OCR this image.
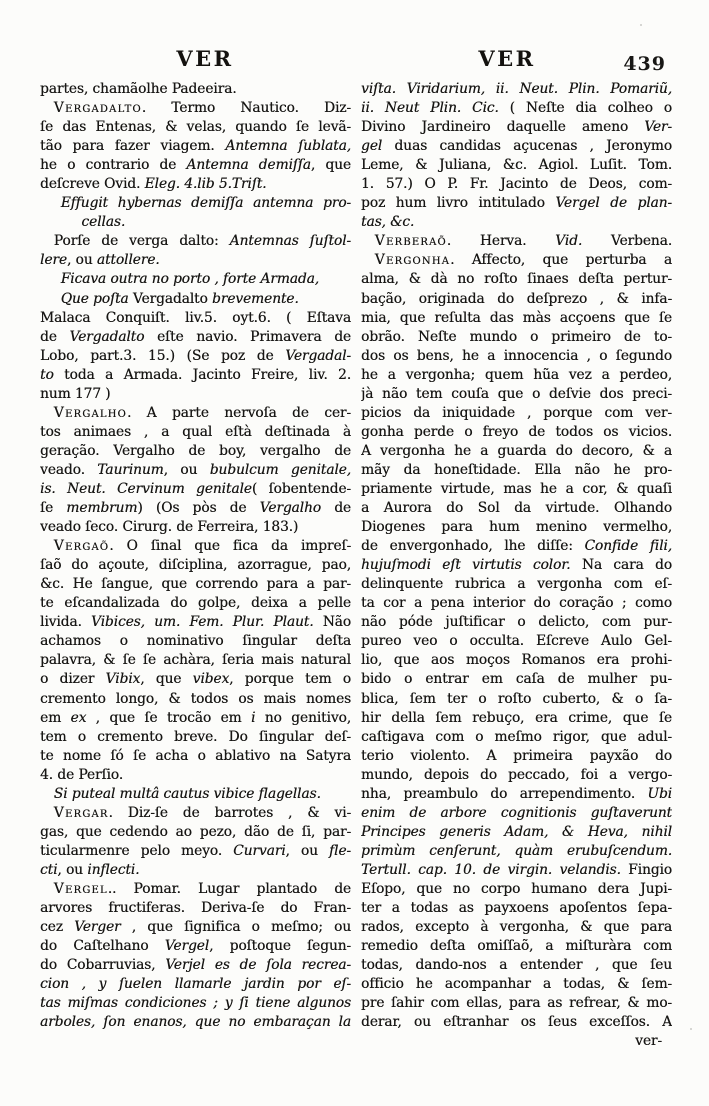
VER	VER	439
partes, chamãolhe Padeeira.
Vergadalto. Termo Nautico. Diz-
ſe das Entenas, & velas, quando ſe levã-
tão para fazer viagem. Antemna ſublata,
he o contrario de Antemna demiſſa, que
deſcreve Ovid. Eleg. 4.lib 5.Triſt.
Effugit hybernas demiſſa antemna pro-
cellas.
Porſe de verga dalto: Antemnas ſuſtol-
lere, ou attollere.
Ficava outra no porto , forte Armada,
Que poſta Vergadalto brevemente.
Malaca Conquiſt. liv.5. oyt.6. ( Eſtava
de Vergadalto eſte navio. Primavera de
Lobo, part.3. 15.) (Se poz de Vergadal-
to toda a Armada. Jacinto Freire, liv. 2.
num 177 )
Vergalho. A parte nervoſa de cer-
tos animaes , a qual eſtà deſtinada à
geração. Vergalho de boy, vergalho de
veado. Taurinum, ou bubulcum genitale,
is. Neut. Cervinum genitale( ſobentende-
ſe membrum) (Os pòs de Vergalho de
veado ſeco. Cirurg. de Ferreira, 183.)
Vergaõ. O ſinal que fica da impreſ-
ſaõ do açoute, diſciplina, azorrague, pao,
&c. He ſangue, que correndo para a par-
te eſcandalizada do golpe, deixa a pelle
livida. Vibices, um. Fem. Plur. Plaut. Não
achamos o nominativo ſingular deſta
palavra, & ſe ſe achàra, ſeria mais natural
o dizer Vibix, que vibex, porque tem o
cremento longo, & todos os mais nomes
em ex , que ſe trocão em i no genitivo,
tem o cremento breve. Do ſingular deſ-
te nome ſó ſe acha o ablativo na Satyra
4. de Perſio.
Si puteal multâ cautus vibice flagellas.
Vergar. Diz-ſe de barrotes , & vi-
gas, que cedendo ao pezo, dão de ſi, par-
ticularmenre pelo meyo. Curvari, ou fle-
cti, ou inflecti.
Vergel.. Pomar. Lugar plantado de
arvores fructiferas. Deriva-ſe do Fran-
cez Verger , que ſignifica o meſmo; ou
do Caſtelhano Vergel, poſtoque ſegun-
do Cobarruvias, Verjel es de ſola recrea-
cion , y ſuelen llamarle jardin por eſ-
tas miſmas condiciones ; y ſi tiene algunos
arboles, ſon enanos, que no embaraçan la
viſta. Viridarium, ii. Neut. Plin. Pomariũ,
ii. Neut Plin. Cic. ( Neſte dia colheo o
Divino Jardineiro daquelle ameno Ver-
gel duas candidas açucenas , Jeronymo
Leme, & Juliana, &c. Agiol. Luſit. Tom.
1. 57.) O P. Fr. Jacinto de Deos, com-
poz hum livro intitulado Vergel de plan-
tas, &c.
Verberaõ. Herva. Vid. Verbena.
Vergonha. Affecto, que perturba a
alma, & dà no roſto ſinaes deſta pertur-
bação, originada do deſprezo , & infa-
mia, que reſulta das màs acçoens que ſe
obrão. Neſte mundo o primeiro de to-
dos os bens, he a innocencia , o ſegundo
he a vergonha; quem hũa vez a perdeo,
jà não tem couſa que o deſvie dos preci-
picios da iniquidade , porque com ver-
gonha perde o freyo de todos os vicios.
A vergonha he a guarda do decoro, & a
mãy da honeſtidade. Ella não he pro-
priamente virtude, mas he a cor, & quaſi
a Aurora do Sol da virtude. Olhando
Diogenes para hum menino vermelho,
de envergonhado, lhe diſſe: Confide fili,
hujuſmodi eſt virtutis color. Na cara do
delinquente rubrica a vergonha com eſ-
ta cor a pena interior do coração ; como
não póde juſtificar o delicto, com pur-
pureo veo o occulta. Eſcreve Aulo Gel-
lio, que aos moços Romanos era prohi-
bido o entrar em caſa de mulher pu-
blica, ſem ter o roſto cuberto, & o ſa-
hir della ſem rebuço, era crime, que ſe
caſtigava com o meſmo rigor, que adul-
terio violento. A primeira payxão do
mundo, depois do peccado, foi a vergo-
nha, preambulo do arrependimento. Ubi
enim de arbore cognitionis guſtaverunt
Principes generis Adam, & Heva, nihil
primùm cenſerunt, quàm erubuſcendum.
Tertull. cap. 10. de virgin. velandis. Fingio
Eſopo, que no corpo humano dera Jupi-
ter a todas as payxoens apoſentos ſepa-
rados, excepto à vergonha, & que para
remedio deſta omiſſaõ, a miſturàra com
todas, dando-nos a entender , que ſeu
officio he acompanhar a todas, & ſem-
pre ſahir com ellas, para as refrear, & mo-
derar, ou eſtranhar os ſeus exceſſos. A
ver-
